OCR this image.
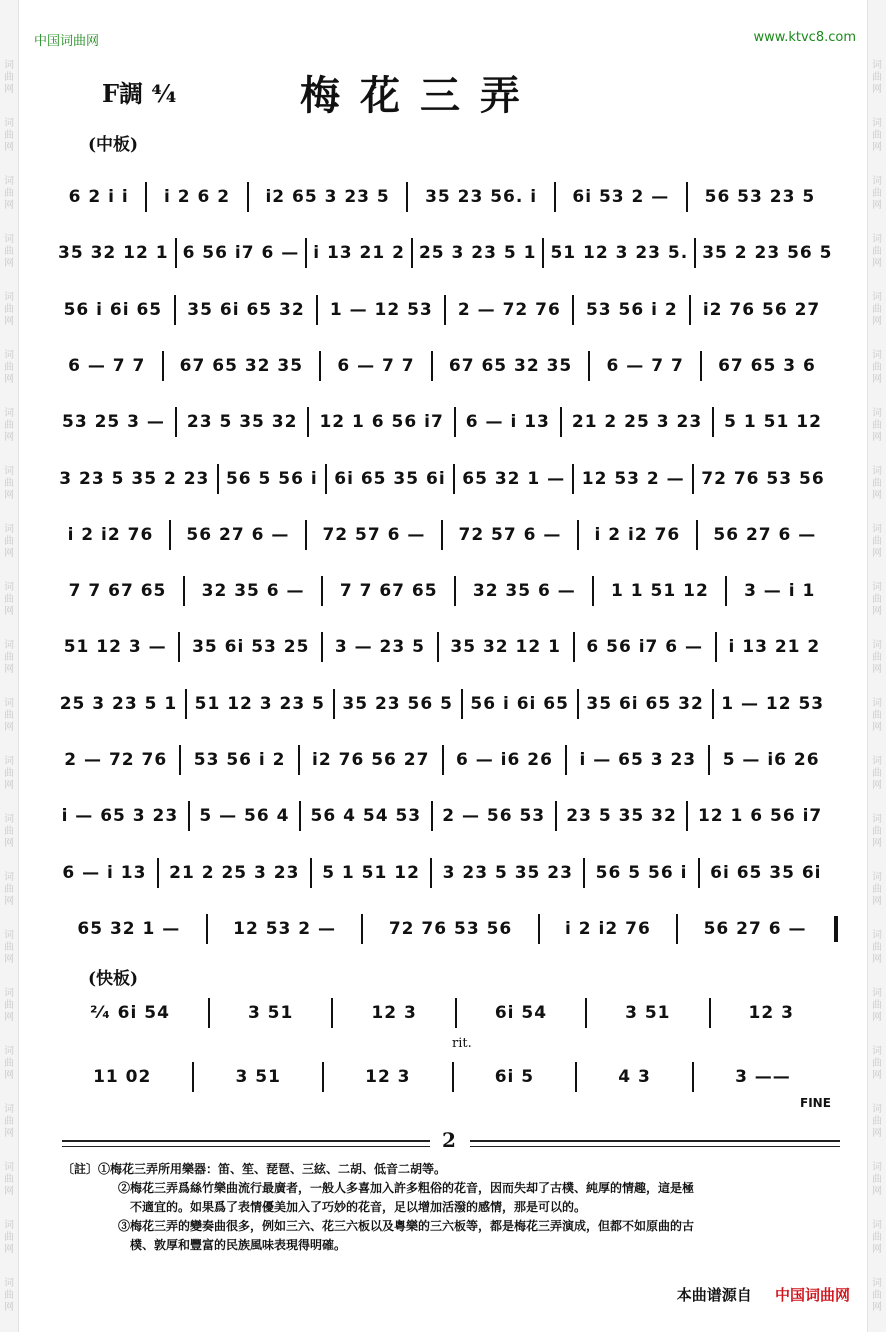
词曲网
词曲网
词曲网
词曲网
词曲网
词曲网
词曲网
词曲网
词曲网
词曲网
词曲网
词曲网
词曲网
词曲网
词曲网
词曲网
词曲网
词曲网
词曲网
词曲网
词曲网
词曲网
词曲网
词曲网
词曲网
词曲网
词曲网
词曲网
词曲网
词曲网
词曲网
词曲网
词曲网
词曲网
词曲网
词曲网
词曲网
词曲网
词曲网
词曲网
词曲网
词曲网
词曲网
词曲网
中国词曲网	www.ktvc8.com
F調 ⁴⁄₄	梅花三弄
(中板)
6 2 i i i 2 6 2 i2 65 3 23 5 35 23 56. i 6i 53 2 — 56 53 23 5
35 32 12 1 6 56 i7 6 — i 13 21 2 25 3 23 5 1 51 12 3 23 5. 35 2 23 56 5
56 i 6i 65 35 6i 65 32 1 — 12 53 2 — 72 76 53 56 i 2 i2 76 56 27
6 — 7 7 67 65 32 35 6 — 7 7 67 65 32 35 6 — 7 7 67 65 3 6
53 25 3 — 23 5 35 32 12 1 6 56 i7 6 — i 13 21 2 25 3 23 5 1 51 12
3 23 5 35 2 23 56 5 56 i 6i 65 35 6i 65 32 1 — 12 53 2 — 72 76 53 56
i 2 i2 76 56 27 6 — 72 57 6 — 72 57 6 — i 2 i2 76 56 27 6 —
7 7 67 65 32 35 6 — 7 7 67 65 32 35 6 — 1 1 51 12 3 — i 1
51 12 3 — 35 6i 53 25 3 — 23 5 35 32 12 1 6 56 i7 6 — i 13 21 2
25 3 23 5 1 51 12 3 23 5 35 23 56 5 56 i 6i 65 35 6i 65 32 1 — 12 53
2 — 72 76 53 56 i 2 i2 76 56 27 6 — i6 26 i — 65 3 23 5 — i6 26
i — 65 3 23 5 — 56 4 56 4 54 53 2 — 56 53 23 5 35 32 12 1 6 56 i7
6 — i 13 21 2 25 3 23 5 1 51 12 3 23 5 35 23 56 5 56 i 6i 65 35 6i
65 32 1 —	12 53 2 —	72 76 53 56	i 2 i2 76	56 27 6 —
(快板)
²⁄₄ 6i 54	3 51	12 3	6i 54	3 51	12 3
11 02	3 51	12 3	6i 5	4 3	3 ——
rit.
FINE
2

〔註〕①梅花三弄所用樂器：笛、笙、琵琶、三絃、二胡、低音二胡等。

②梅花三弄爲絲竹樂曲流行最廣者，一般人多喜加入許多粗俗的花音，因而失却了古樸、純厚的情趣，這是極

不適宜的。如果爲了表情優美加入了巧妙的花音，足以增加活潑的感情，那是可以的。

③梅花三弄的變奏曲很多，例如三六、花三六板以及粵樂的三六板等，都是梅花三弄演成，但都不如原曲的古

樸、敦厚和豐富的民族風味表現得明確。

本曲谱源自 中国词曲网
